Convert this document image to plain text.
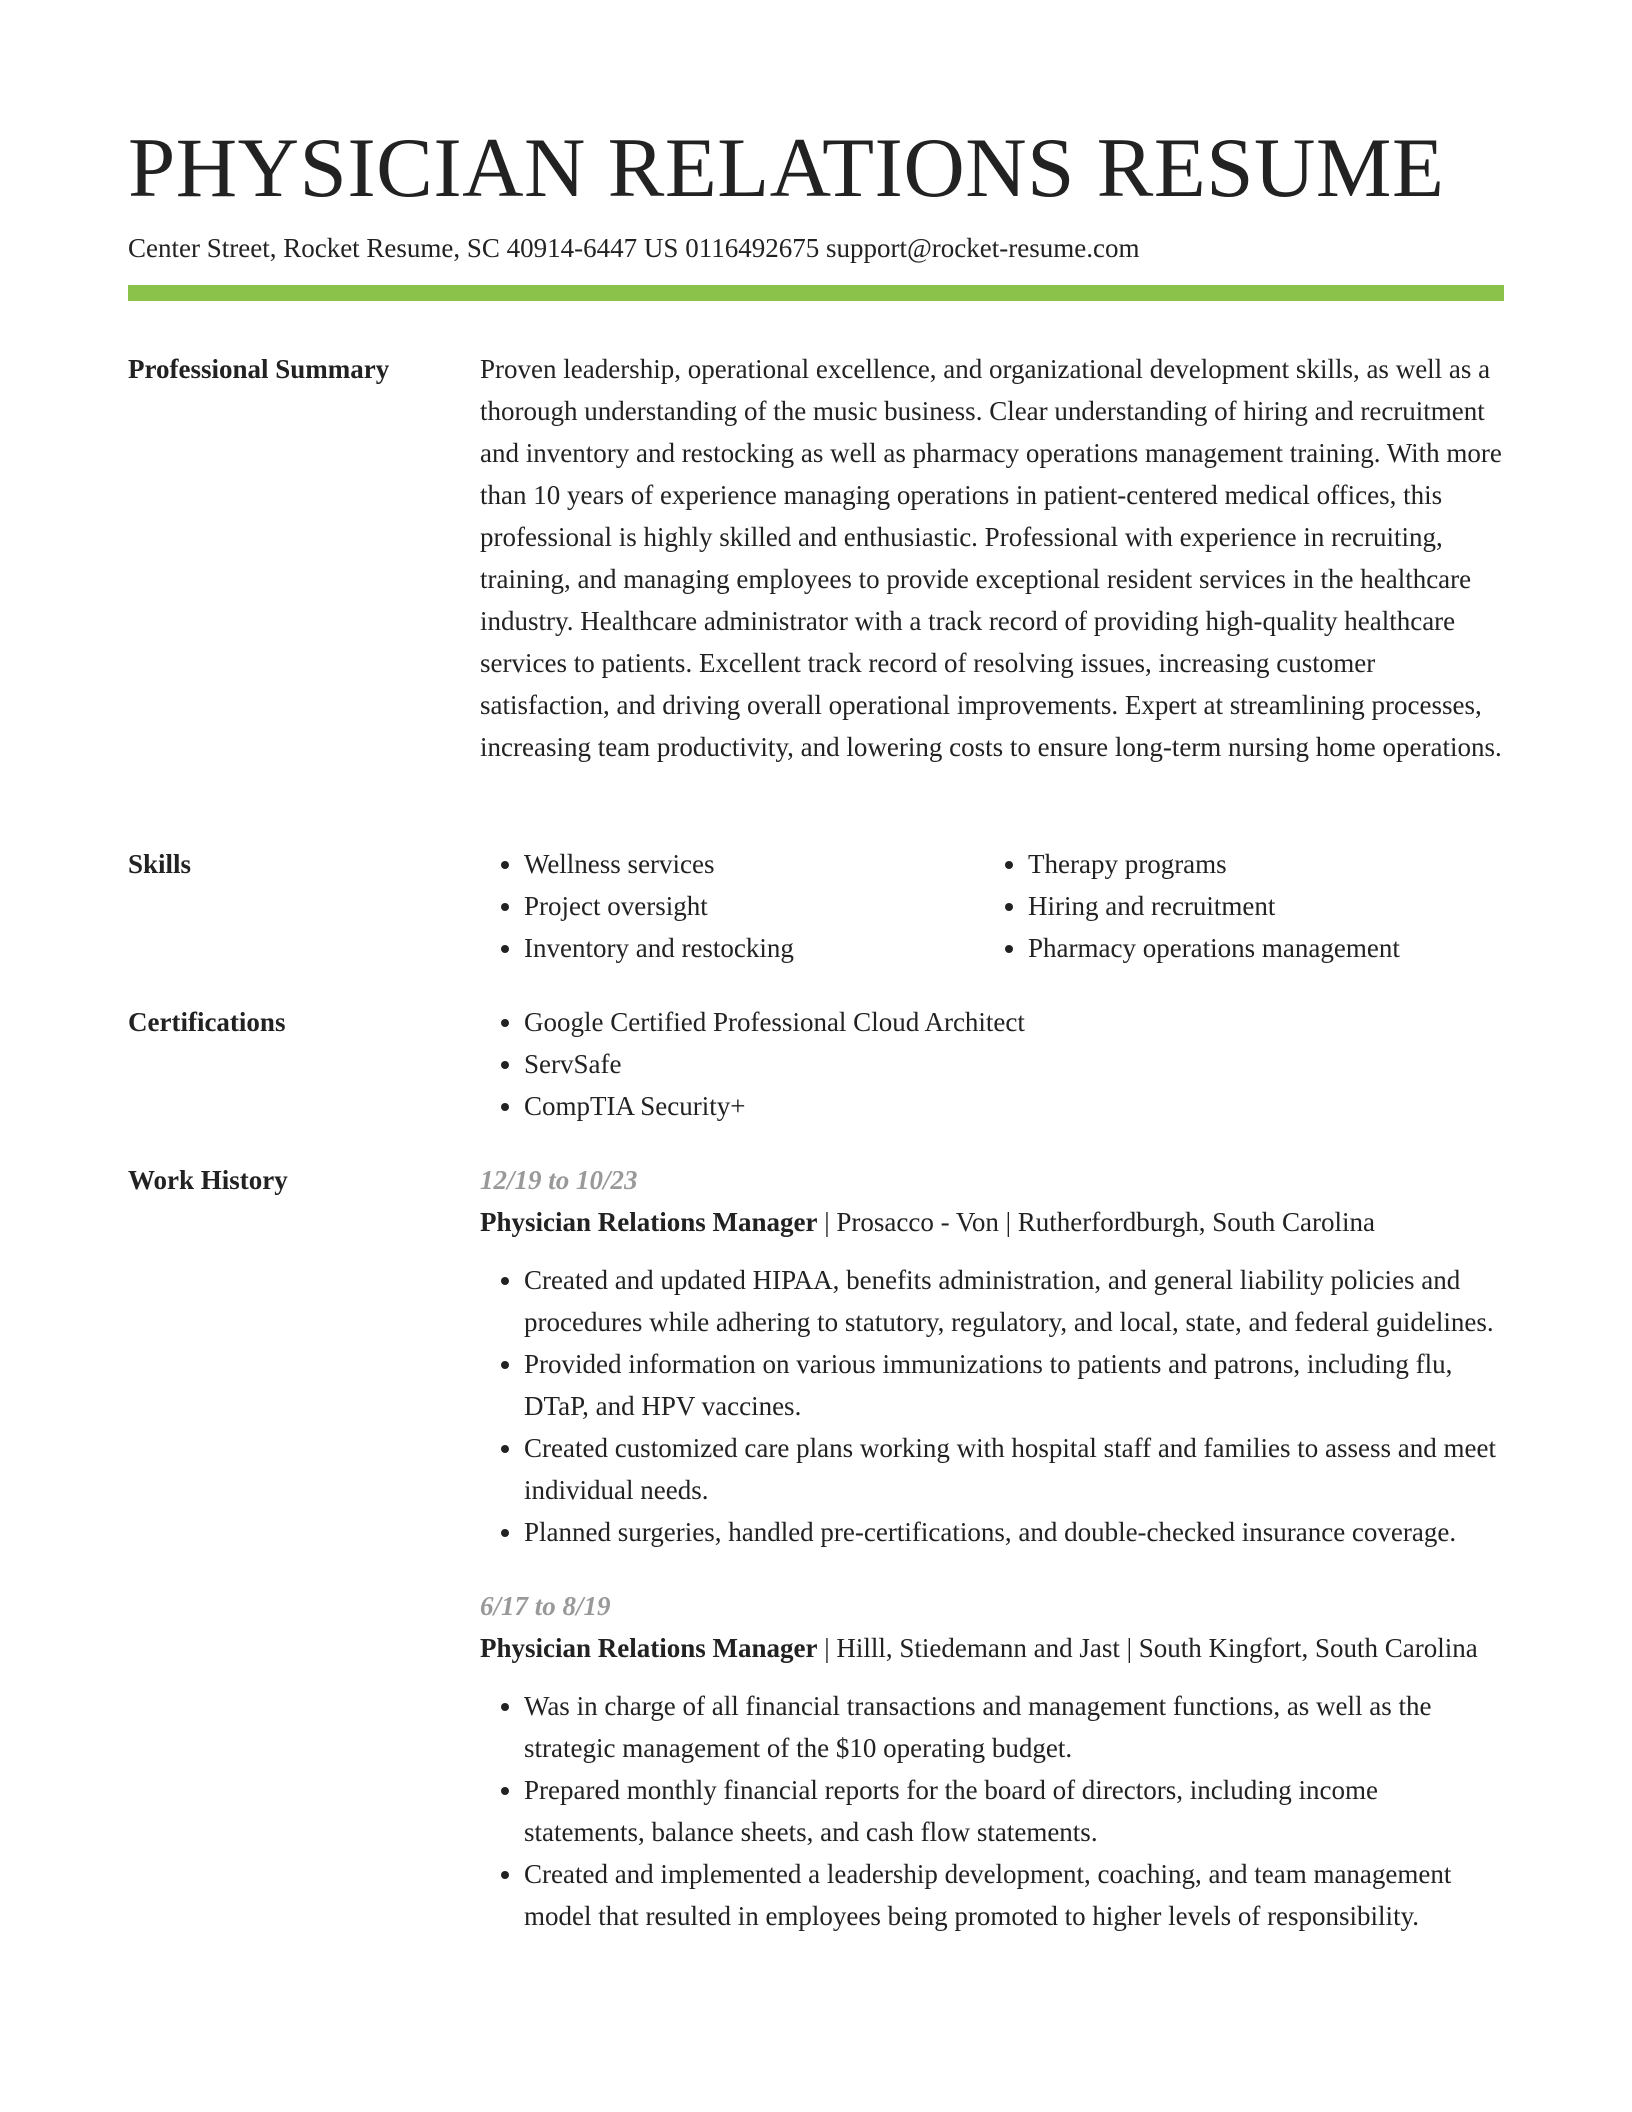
PHYSICIAN RELATIONS RESUME
Center Street, Rocket Resume, SC 40914-6447 US 0116492675 support@rocket-resume.com
Professional Summary	Proven leadership, operational excellence, and organizational development skills, as well as a thorough understanding of the music business. Clear understanding of hiring and recruitment and inventory and restocking as well as pharmacy operations management training. With more than 10 years of experience managing operations in patient-centered medical offices, this professional is highly skilled and enthusiastic. Professional with experience in recruiting, training, and managing employees to provide exceptional resident services in the healthcare industry. Healthcare administrator with a track record of providing high-quality healthcare services to patients. Excellent track record of resolving issues, increasing customer satisfaction, and driving overall operational improvements. Expert at streamlining processes, increasing team productivity, and lowering costs to ensure long-term nursing home operations.

Skills	• Wellness services
• Project oversight
• Inventory and restocking
• Therapy programs
• Hiring and recruitment
• Pharmacy operations management
Certifications	• Google Certified Professional Cloud Architect
• ServSafe
• CompTIA Security+
Work History	12/19 to 10/23
Physician Relations Manager | Prosacco - Von | Rutherfordburgh, South Carolina
• Created and updated HIPAA, benefits administration, and general liability policies and procedures while adhering to statutory, regulatory, and local, state, and federal guidelines.
• Provided information on various immunizations to patients and patrons, including flu, DTaP, and HPV vaccines.
• Created customized care plans working with hospital staff and families to assess and meet individual needs.
• Planned surgeries, handled pre-certifications, and double-checked insurance coverage.
6/17 to 8/19
Physician Relations Manager | Hilll, Stiedemann and Jast | South Kingfort, South Carolina
• Was in charge of all financial transactions and management functions, as well as the strategic management of the $10 operating budget.
• Prepared monthly financial reports for the board of directors, including income statements, balance sheets, and cash flow statements.
• Created and implemented a leadership development, coaching, and team management model that resulted in employees being promoted to higher levels of responsibility.
